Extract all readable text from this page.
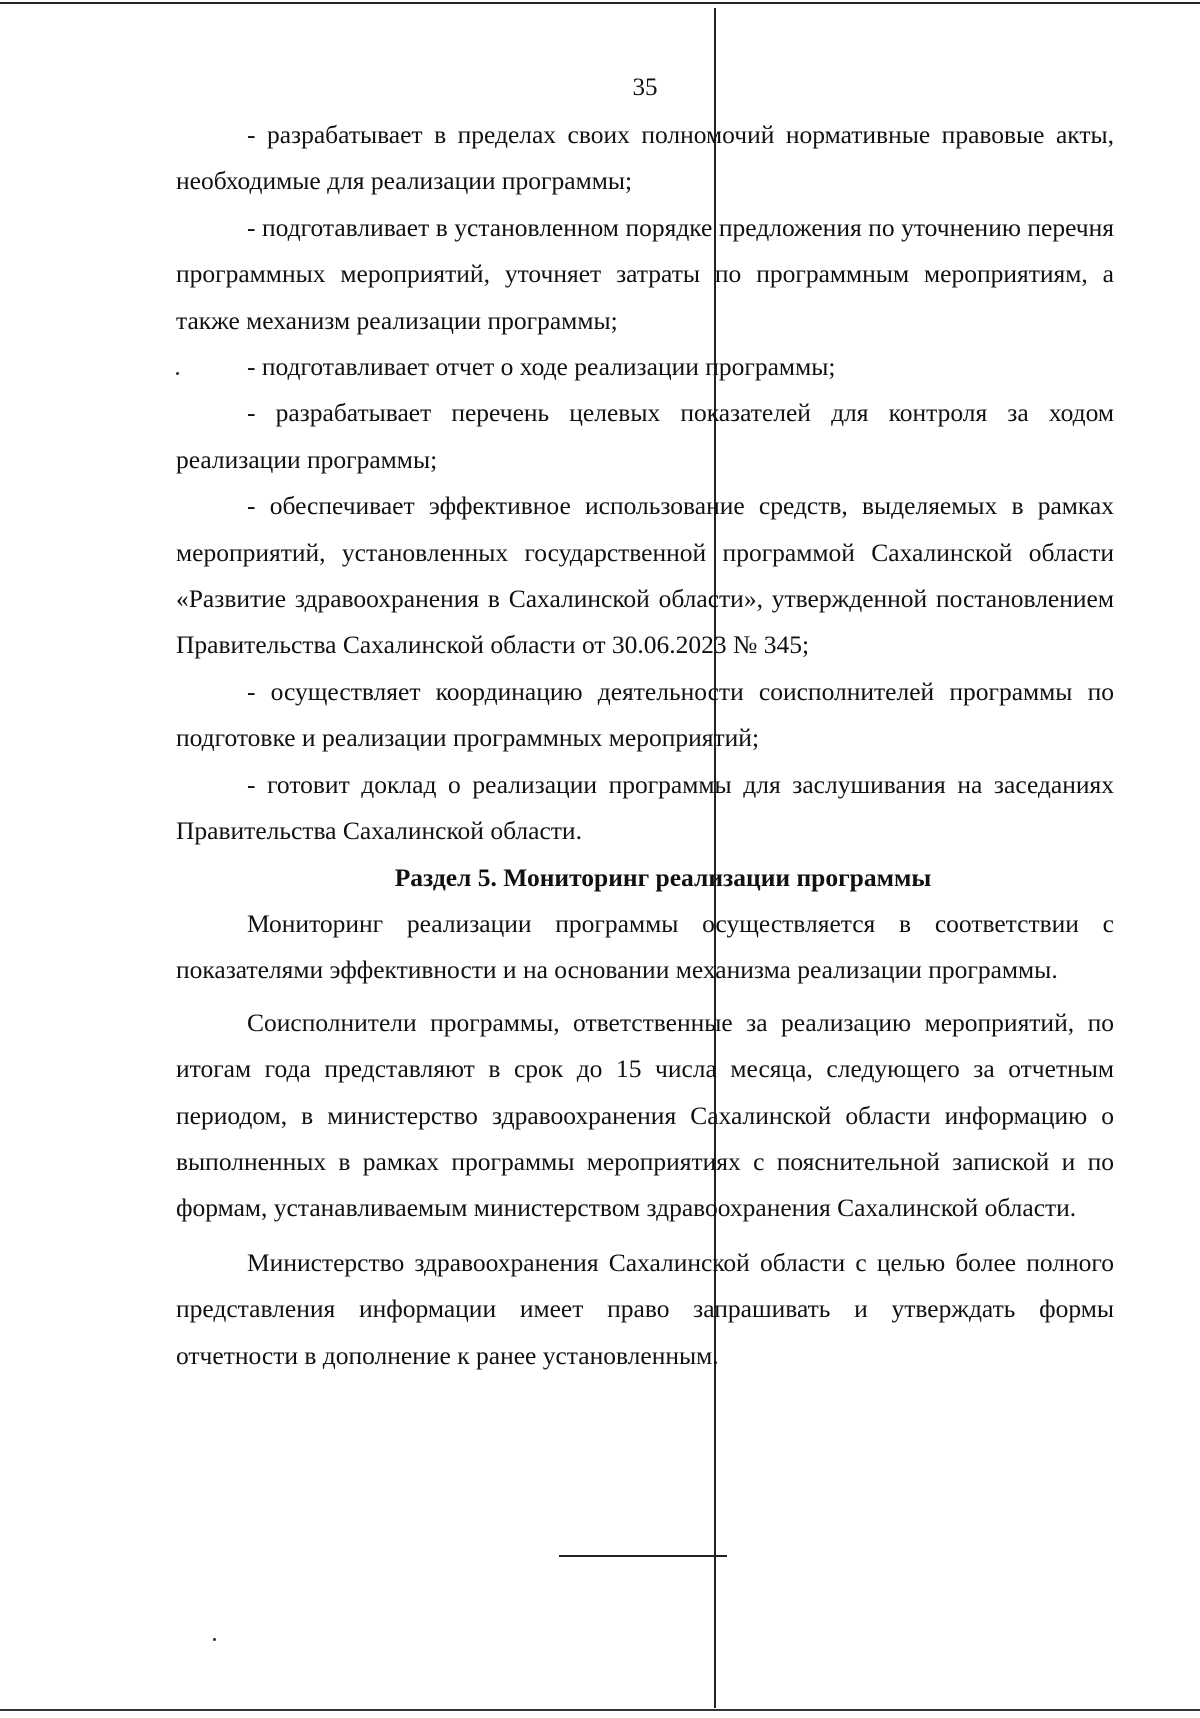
35

- разрабатывает в пределах своих полномочий нормативные правовые акты, необходимые для реализации программы;

- подготавливает в установленном порядке предложения по уточнению перечня программных мероприятий, уточняет затраты по программным мероприятиям, а также механизм реализации программы;

- подготавливает отчет о ходе реализации программы;

- разрабатывает перечень целевых показателей для контроля за ходом реализации программы;

- обеспечивает эффективное использование средств, выделяемых в рамках мероприятий, установленных государственной программой Сахалинской области «Развитие здравоохранения в Сахалинской области», утвержденной постановлением Правительства Сахалинской области от 30.06.2023 № 345;

- осуществляет координацию деятельности соисполнителей программы по подготовке и реализации программных мероприятий;

- готовит доклад о реализации программы для заслушивания на заседаниях Правительства Сахалинской области.

Раздел 5. Мониторинг реализации программы

Мониторинг реализации программы осуществляется в соответствии с показателями эффективности и на основании механизма реализации программы.

Соисполнители программы, ответственные за реализацию мероприятий, по итогам года представляют в срок до 15 числа месяца, следующего за отчетным периодом, в министерство здравоохранения Сахалинской области информацию о выполненных в рамках программы мероприятиях с пояснительной запиской и по формам, устанавливаемым министерством здравоохранения Сахалинской области.

Министерство здравоохранения Сахалинской области с целью более полного представления информации имеет право запрашивать и утверждать формы отчетности в дополнение к ранее установленным.
